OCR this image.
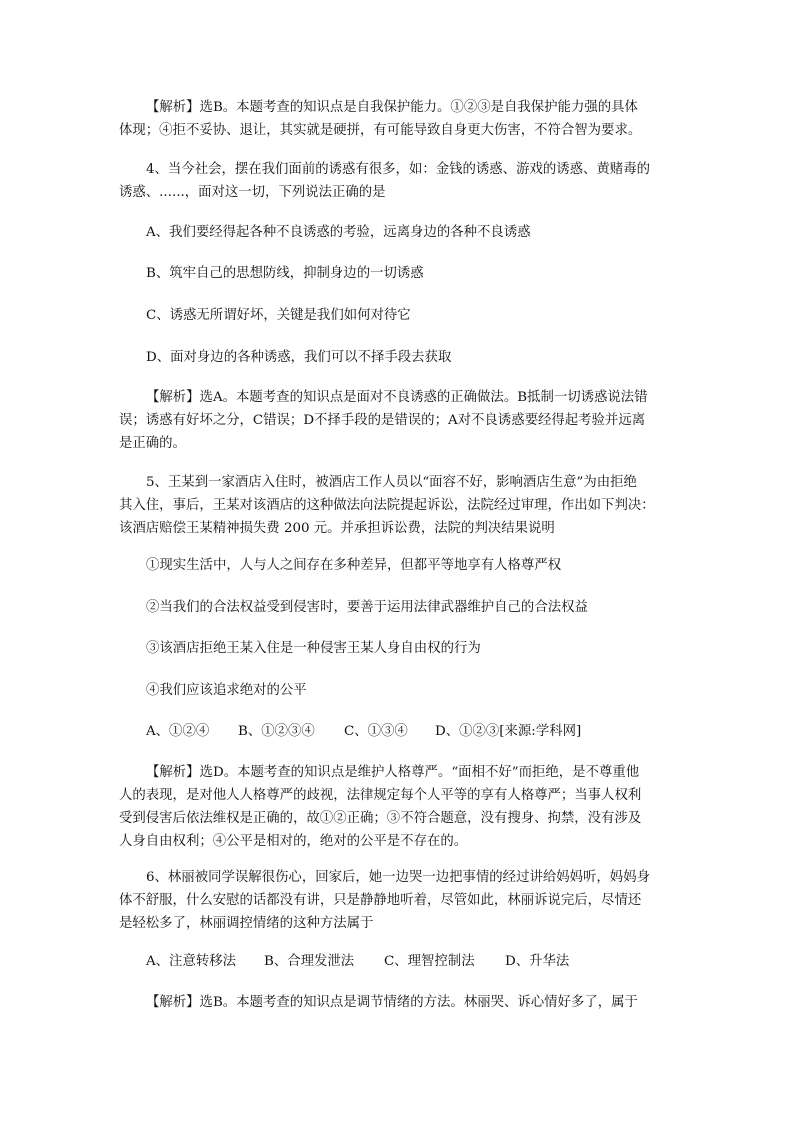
【解析】选B。本题考查的知识点是自我保护能力。①②③是自我保护能力强的具体
体现；④拒不妥协、退让，其实就是硬拼，有可能导致自身更大伤害，不符合智为要求。

4、当今社会，摆在我们面前的诱惑有很多，如：金钱的诱惑、游戏的诱惑、黄赌毒的
诱惑、......，面对这一切，下列说法正确的是

A、我们要经得起各种不良诱惑的考验，远离身边的各种不良诱惑

B、筑牢自己的思想防线，抑制身边的一切诱惑

C、诱惑无所谓好坏，关键是我们如何对待它

D、面对身边的各种诱惑，我们可以不择手段去获取

【解析】选A。本题考查的知识点是面对不良诱惑的正确做法。B抵制一切诱惑说法错
误；诱惑有好坏之分，C错误；D不择手段的是错误的；A对不良诱惑要经得起考验并远离
是正确的。

5、王某到一家酒店入住时，被酒店工作人员以“面容不好，影响酒店生意”为由拒绝
其入住，事后，王某对该酒店的这种做法向法院提起诉讼，法院经过审理，作出如下判决：
该酒店赔偿王某精神损失费 200 元。并承担诉讼费，法院的判决结果说明

①现实生活中，人与人之间存在多种差异，但都平等地享有人格尊严权

②当我们的合法权益受到侵害时，要善于运用法律武器维护自己的合法权益

③该酒店拒绝王某入住是一种侵害王某人身自由权的行为

④我们应该追求绝对的公平

A、①②④ B、①②③④ C、①③④ D、①②③[来源:学科网]

【解析】选D。本题考查的知识点是维护人格尊严。“面相不好”而拒绝，是不尊重他
人的表现，是对他人人格尊严的歧视，法律规定每个人平等的享有人格尊严；当事人权利
受到侵害后依法维权是正确的，故①②正确；③不符合题意，没有搜身、拘禁，没有涉及
人身自由权利；④公平是相对的，绝对的公平是不存在的。

6、林丽被同学误解很伤心，回家后，她一边哭一边把事情的经过讲给妈妈听，妈妈身
体不舒服，什么安慰的话都没有讲，只是静静地听着，尽管如此，林丽诉说完后，尽情还
是轻松多了，林丽调控情绪的这种方法属于

A、注意转移法 B、合理发泄法 C、理智控制法 D、升华法

【解析】选B。本题考查的知识点是调节情绪的方法。林丽哭、诉心情好多了，属于
